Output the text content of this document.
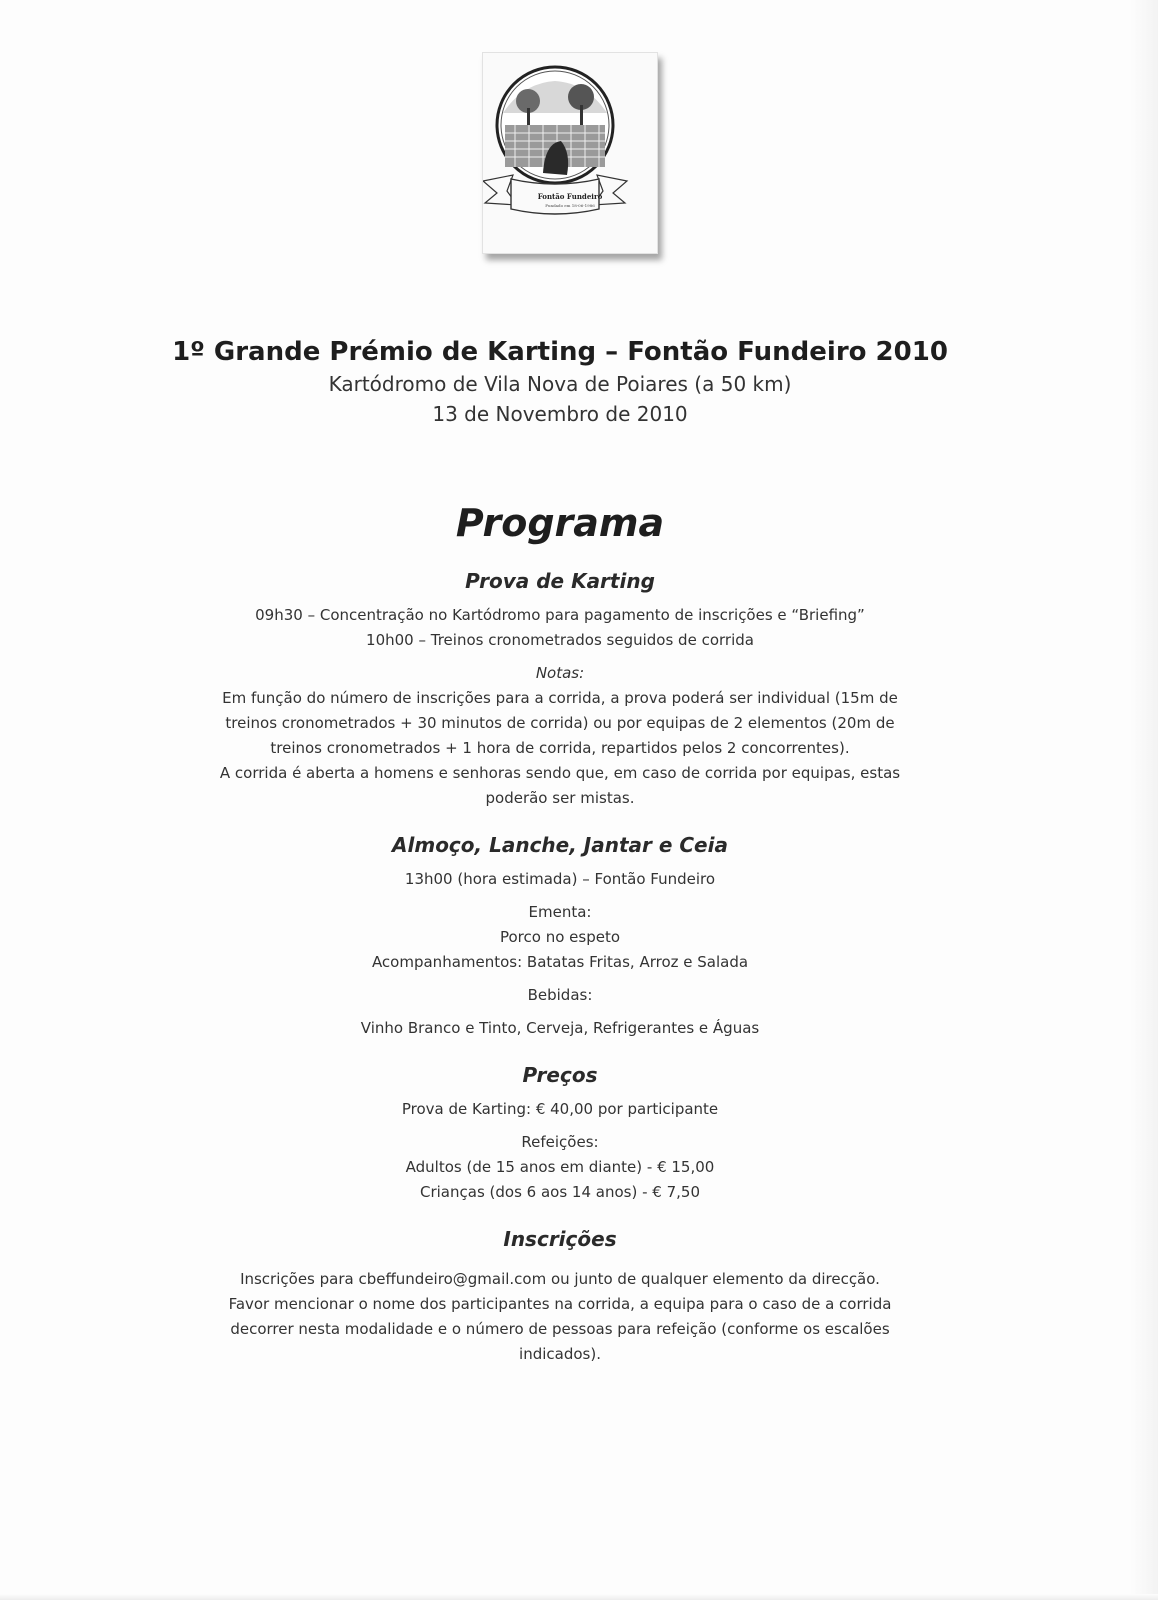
Fontão Fundeiro
Fundado em 18-06-1986
1º Grande Prémio de Karting – Fontão Fundeiro 2010
Kartódromo de Vila Nova de Poiares (a 50 km)
13 de Novembro de 2010
Programa
Prova de Karting
09h30 – Concentração no Kartódromo para pagamento de inscrições e “Briefing”
10h00 – Treinos cronometrados seguidos de corrida
Notas:
Em função do número de inscrições para a corrida, a prova poderá ser individual (15m de
treinos cronometrados + 30 minutos de corrida) ou por equipas de 2 elementos (20m de
treinos cronometrados + 1 hora de corrida, repartidos pelos 2 concorrentes).
A corrida é aberta a homens e senhoras sendo que, em caso de corrida por equipas, estas
poderão ser mistas.
Almoço, Lanche, Jantar e Ceia
13h00 (hora estimada) – Fontão Fundeiro
Ementa:
Porco no espeto
Acompanhamentos: Batatas Fritas, Arroz e Salada
Bebidas:
Vinho Branco e Tinto, Cerveja, Refrigerantes e Águas
Preços
Prova de Karting: € 40,00 por participante
Refeições:
Adultos (de 15 anos em diante) - € 15,00
Crianças (dos 6 aos 14 anos) - € 7,50
Inscrições
Inscrições para cbeffundeiro@gmail.com ou junto de qualquer elemento da direcção.
Favor mencionar o nome dos participantes na corrida, a equipa para o caso de a corrida
decorrer nesta modalidade e o número de pessoas para refeição (conforme os escalões
indicados).
